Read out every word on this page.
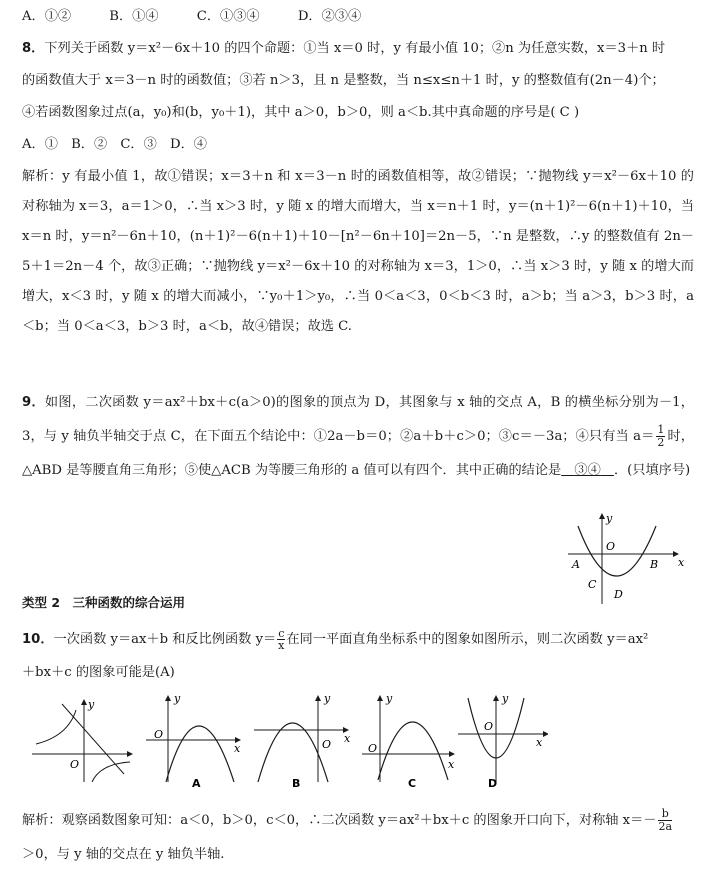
A．①②	B．①④	C．①③④	D．②③④
8．下列关于函数 y＝x²－6x＋10 的四个命题：①当 x＝0 时，y 有最小值 10；②n 为任意实数，x＝3＋n 时
的函数值大于 x＝3－n 时的函数值；③若 n＞3，且 n 是整数，当 n≤x≤n＋1 时，y 的整数值有(2n－4)个；
④若函数图象过点(a，y₀)和(b，y₀＋1)，其中 a＞0，b＞0，则 a＜b.其中真命题的序号是( C )
A．①　B．②　C．③　D．④
解析：y 有最小值 1，故①错误；x＝3＋n 和 x＝3－n 时的函数值相等，故②错误；∵抛物线 y＝x²－6x＋10 的对称轴为 x＝3，a＝1＞0，∴当 x＞3 时，y 随 x 的增大而增大，当 x＝n＋1 时，y＝(n＋1)²－6(n＋1)＋10，当 x＝n 时，y＝n²－6n＋10，(n＋1)²－6(n＋1)＋10－[n²－6n＋10]＝2n－5，∵n 是整数，∴y 的整数值有 2n－5＋1＝2n－4 个，故③正确；∵抛物线 y＝x²－6x＋10 的对称轴为 x＝3，1＞0，∴当 x＞3 时，y 随 x 的增大而增大，x＜3 时，y 随 x 的增大而减小，∵y₀＋1＞y₀，∴当 0＜a＜3，0＜b＜3 时，a＞b；当 a＞3，b＞3 时，a＜b；当 0＜a＜3，b＞3 时，a＜b，故④错误；故选 C.
9．如图，二次函数 y＝ax²＋bx＋c(a＞0)的图象的顶点为 D，其图象与 x 轴的交点 A，B 的横坐标分别为－1，3，与 y 轴负半轴交于点 C，在下面五个结论中：①2a－b＝0；②a＋b＋c＞0；③c＝－3a；④只有当 $a= \frac{1}{2}$ 时，△ABD 是等腰直角三角形；⑤使△ACB 为等腰三角形的 a 值可以有四个．其中正确的结论是  ③④  ．(只填序号)
y
O
x
A	B
C
D
类型 2　三种函数的综合运用
10．一次函数 y＝ax＋b 和反比例函数 $y= \frac{c}{x}$ 在同一平面直角坐标系中的图象如图所示，则二次函数 y＝ax²
＋bx＋c 的图象可能是(A)
y
O
y
x
O
y
x
O
y
x
O
y
x
O
A	B	C	D
解析：观察函数图象可知：a＜0，b＞0，c＜0，∴二次函数 y＝ax²＋bx＋c 的图象开口向下，对称轴 $x=- \frac{b}{2a}$
＞0，与 y 轴的交点在 y 轴负半轴.
